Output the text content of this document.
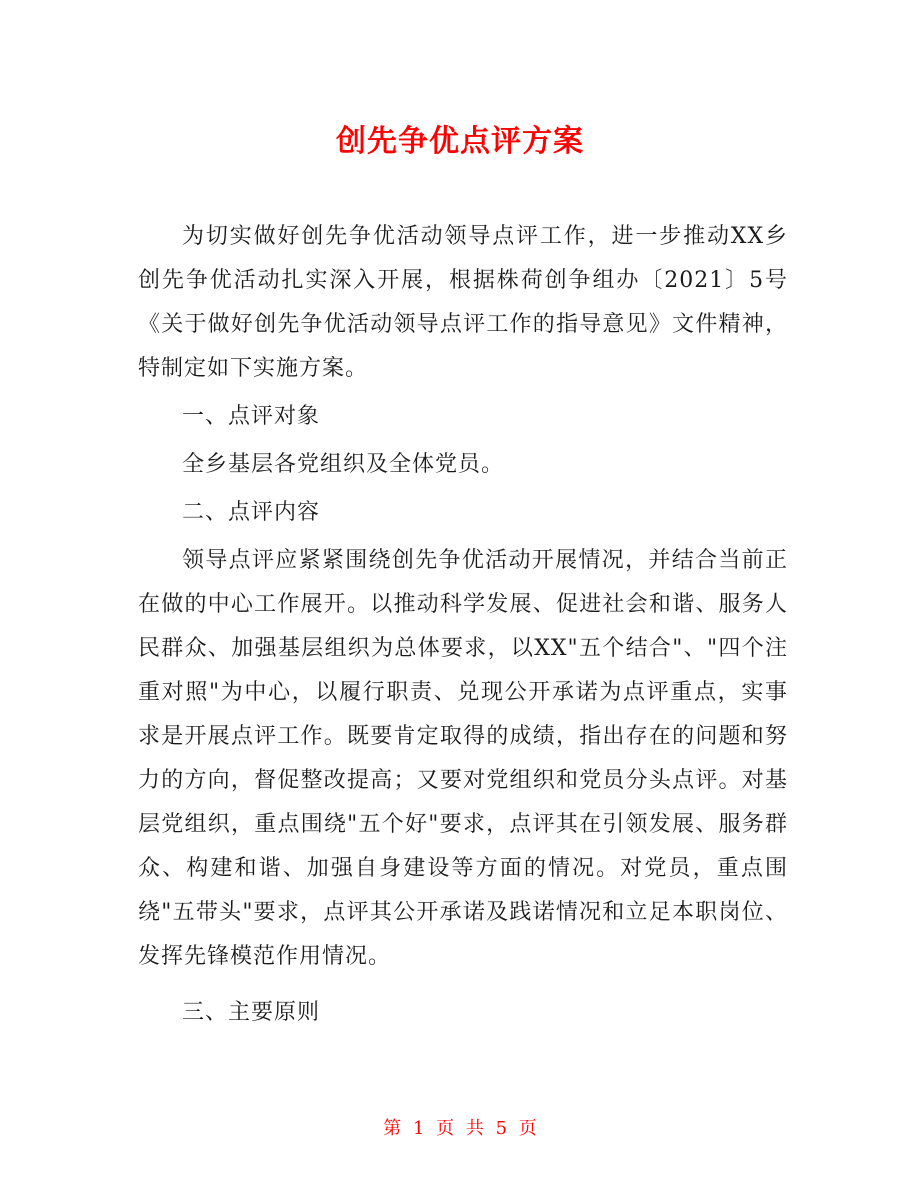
创先争优点评方案

为切实做好创先争优活动领导点评工作，进一步推动XX乡创先争优活动扎实深入开展，根据株荷创争组办〔2021〕5号《关于做好创先争优活动领导点评工作的指导意见》文件精神，特制定如下实施方案。

一、点评对象

全乡基层各党组织及全体党员。

二、点评内容

领导点评应紧紧围绕创先争优活动开展情况，并结合当前正在做的中心工作展开。以推动科学发展、促进社会和谐、服务人民群众、加强基层组织为总体要求，以XX"五个结合"、"四个注重对照"为中心，以履行职责、兑现公开承诺为点评重点，实事求是开展点评工作。既要肯定取得的成绩，指出存在的问题和努力的方向，督促整改提高；又要对党组织和党员分头点评。对基层党组织，重点围绕"五个好"要求，点评其在引领发展、服务群众、构建和谐、加强自身建设等方面的情况。对党员，重点围绕"五带头"要求，点评其公开承诺及践诺情况和立足本职岗位、发挥先锋模范作用情况。

三、主要原则

第 1 页 共 5 页
